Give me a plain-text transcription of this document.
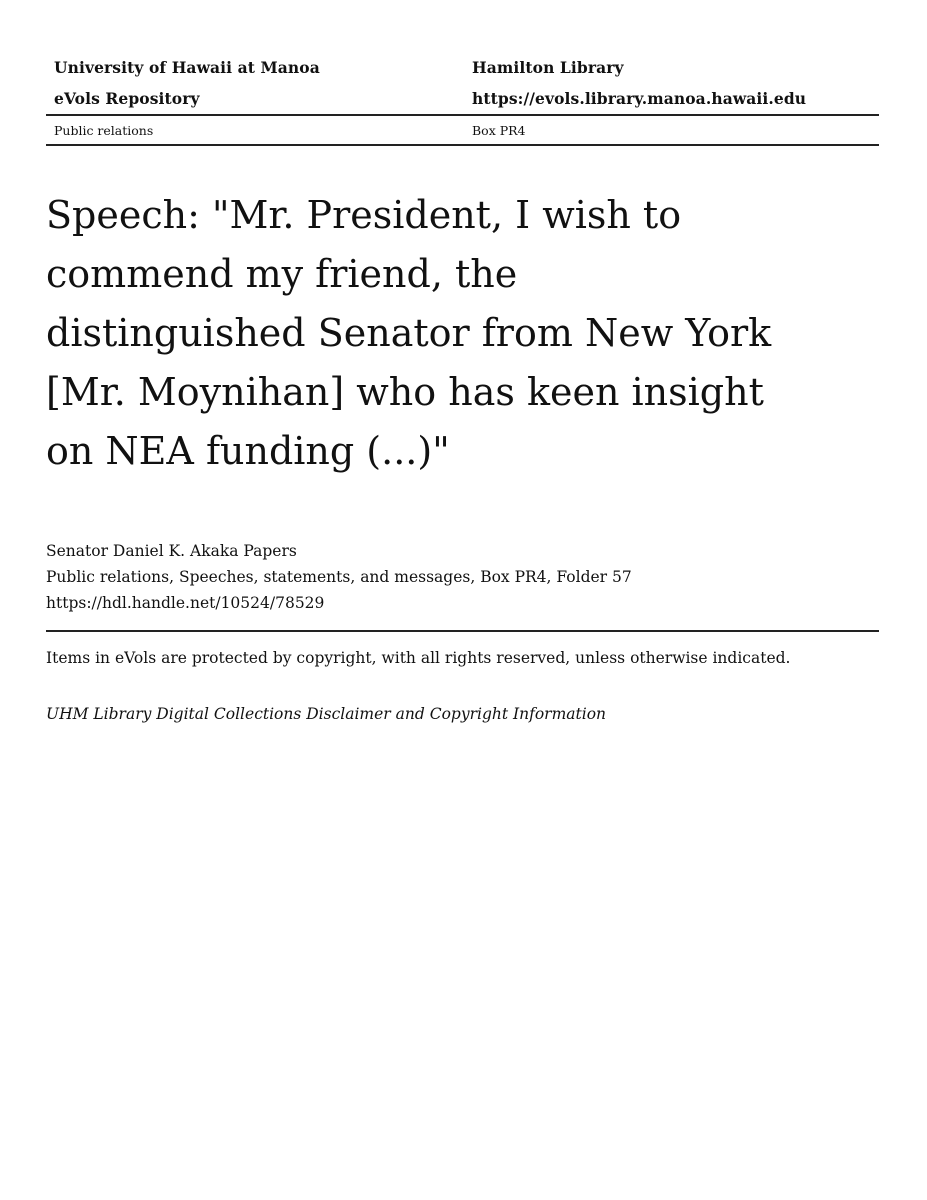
University of Hawaii at Manoa	Hamilton Library
eVols Repository	https://evols.library.manoa.hawaii.edu
Public relations	Box PR4
Speech: "Mr. President, I wish to commend my friend, the distinguished Senator from New York [Mr. Moynihan] who has keen insight on NEA funding (...)"
Senator Daniel K. Akaka Papers
Public relations, Speeches, statements, and messages, Box PR4, Folder 57
https://hdl.handle.net/10524/78529
Items in eVols are protected by copyright, with all rights reserved, unless otherwise indicated.
UHM Library Digital Collections Disclaimer and Copyright Information
